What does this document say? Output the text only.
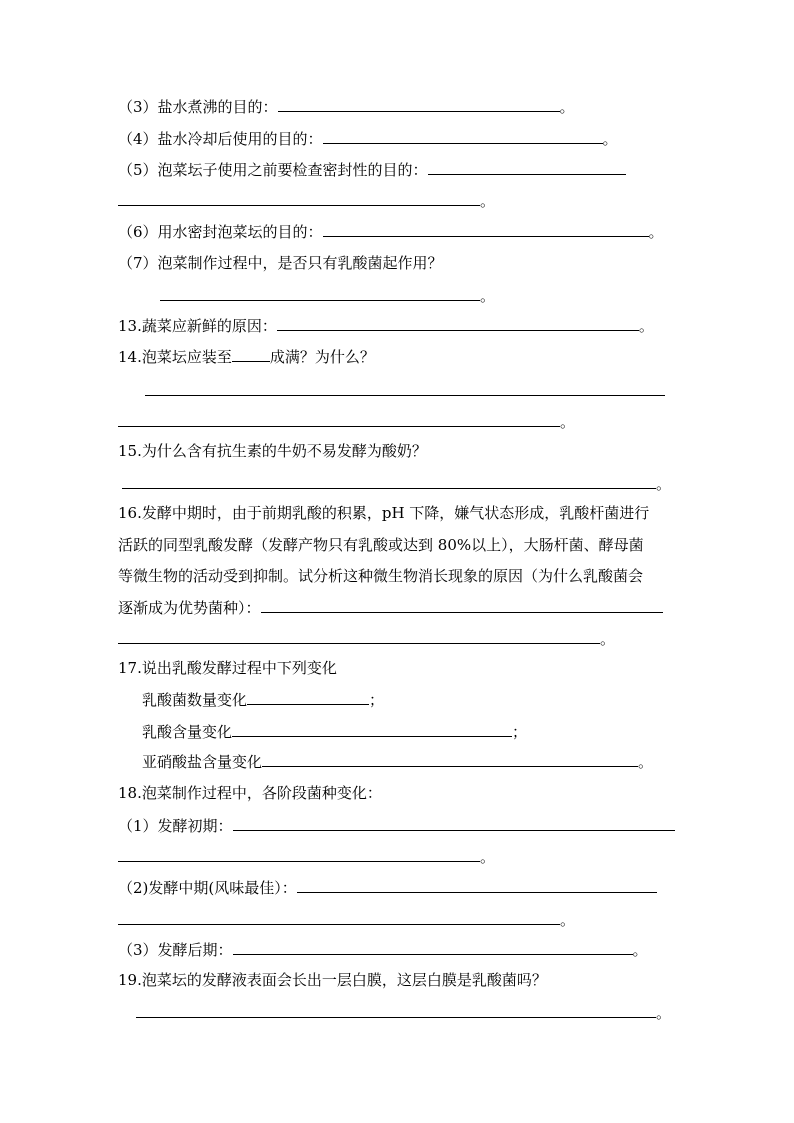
（3）盐水煮沸的目的：	。
（4）盐水冷却后使用的目的：	。
（5）泡菜坛子使用之前要检查密封性的目的：
。
（6）用水密封泡菜坛的目的：	。
（7）泡菜制作过程中，是否只有乳酸菌起作用？
。
13.蔬菜应新鲜的原因：	。
14.泡菜坛应装至	成满？为什么？
。
15.为什么含有抗生素的牛奶不易发酵为酸奶？
。
16.发酵中期时，由于前期乳酸的积累，pH 下降，嫌气状态形成，乳酸杆菌进行
活跃的同型乳酸发酵（发酵产物只有乳酸或达到 80%以上），大肠杆菌、酵母菌
等微生物的活动受到抑制。试分析这种微生物消长现象的原因（为什么乳酸菌会
逐渐成为优势菌种）：
。
17.说出乳酸发酵过程中下列变化
乳酸菌数量变化	；
乳酸含量变化	；
亚硝酸盐含量变化	。
18.泡菜制作过程中，各阶段菌种变化：
（1）发酵初期：
。
（2)发酵中期(风味最佳）：
。
（3）发酵后期：	。
19.泡菜坛的发酵液表面会长出一层白膜，这层白膜是乳酸菌吗？
。
